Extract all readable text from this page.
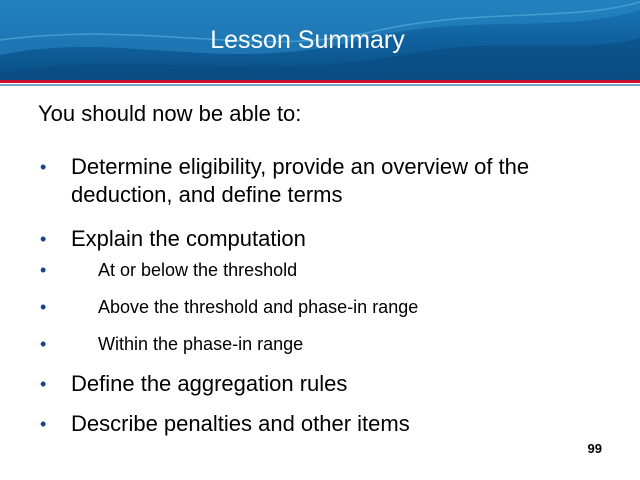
Lesson Summary

You should now be able to:

• Determine eligibility, provide an overview of the deduction, and define terms
• Explain the computation
•	At or below the threshold
•	Above the threshold and phase-in range
•	Within the phase-in range
• Define the aggregation rules
• Describe penalties and other items
99
